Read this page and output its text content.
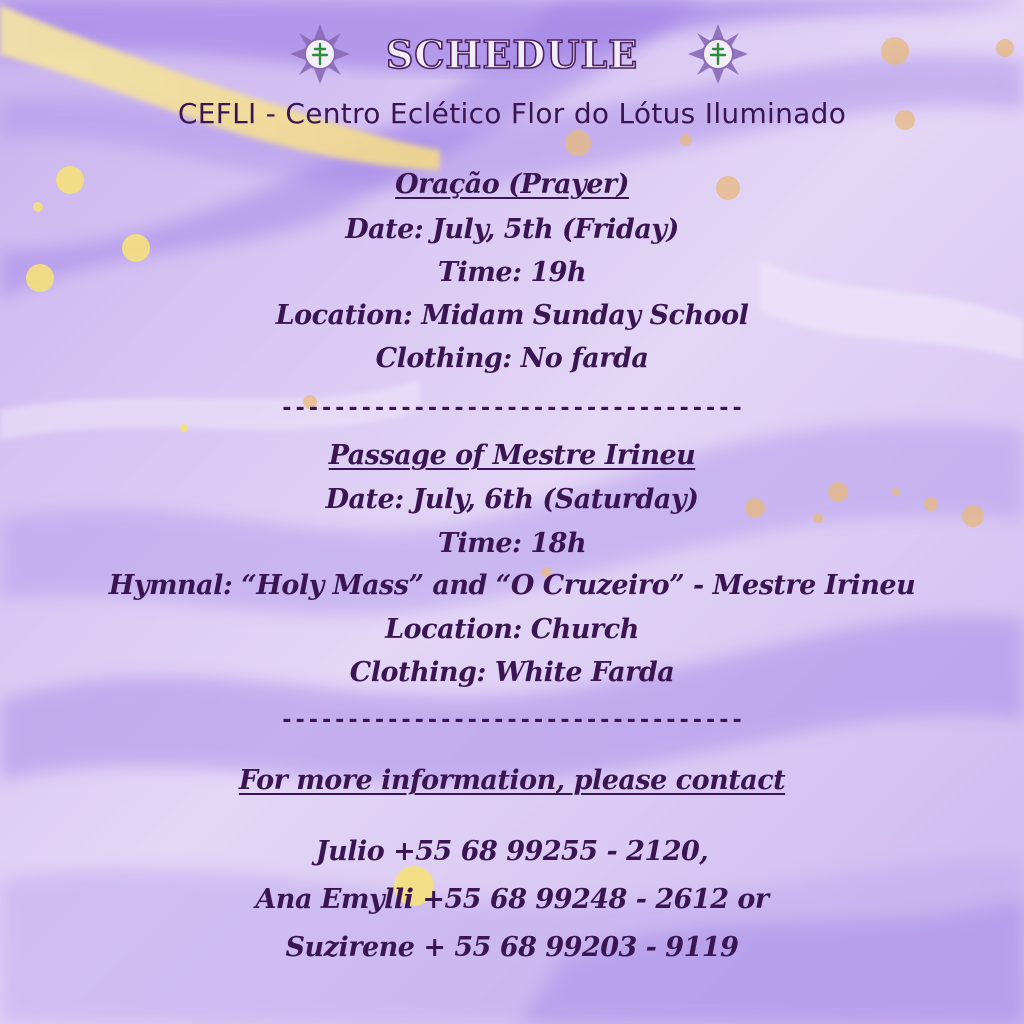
SCHEDULE
CEFLI - Centro Eclético Flor do Lótus Iluminado
Oração (Prayer)
Date: July, 5th (Friday)
Time: 19h
Location: Midam Sunday School
Clothing: No farda
-----------------------------------
Passage of Mestre Irineu
Date: July, 6th (Saturday)
Time: 18h
Hymnal: “Holy Mass” and “O Cruzeiro” - Mestre Irineu
Location: Church
Clothing: White Farda
-----------------------------------
For more information, please contact
Julio +55 68 99255 - 2120,
Ana Emylli +55 68 99248 - 2612 or
Suzirene + 55 68 99203 - 9119
